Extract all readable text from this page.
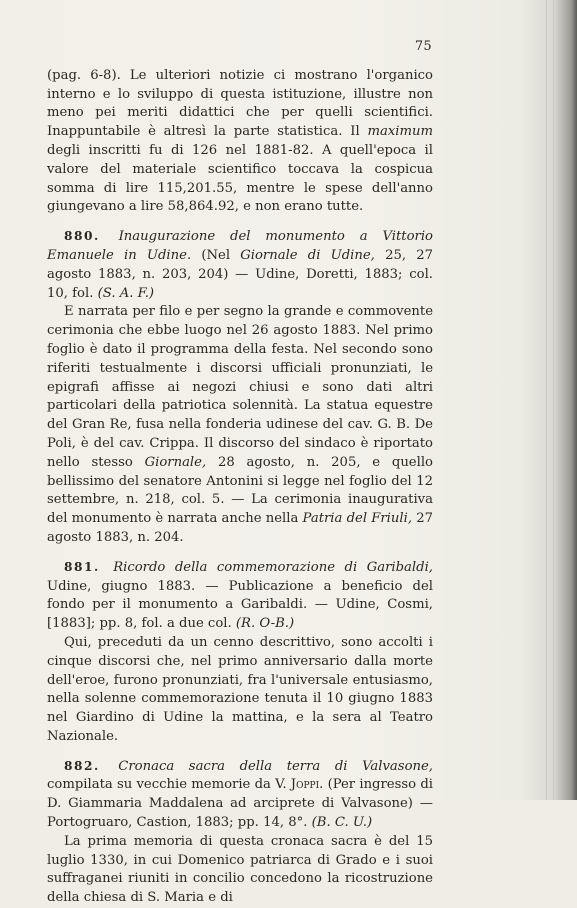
75

(pag. 6-8). Le ulteriori notizie ci mostrano l'organico interno e lo sviluppo di questa istituzione, illustre non meno pei meriti didattici che per quelli scientifici. Inappuntabile è altresì la parte statistica. Il maximum degli inscritti fu di 126 nel 1881-82. A quell'epoca il valore del materiale scientifico toccava la cospicua somma di lire 115,201.55, mentre le spese dell'anno giungevano a lire 58,864.92, e non erano tutte.

880. Inaugurazione del monumento a Vittorio Emanuele in Udine. (Nel Giornale di Udine, 25, 27 agosto 1883, n. 203, 204) — Udine, Doretti, 1883; col. 10, fol. (S. A. F.)

E narrata per filo e per segno la grande e commovente cerimonia che ebbe luogo nel 26 agosto 1883. Nel primo foglio è dato il programma della festa. Nel secondo sono riferiti testualmente i discorsi ufficiali pronunziati, le epigrafi affisse ai negozi chiusi e sono dati altri particolari della patriotica solennità. La statua equestre del Gran Re, fusa nella fonderia udinese del cav. G. B. De Poli, è del cav. Crippa. Il discorso del sindaco è riportato nello stesso Giornale, 28 agosto, n. 205, e quello bellissimo del senatore Antonini si legge nel foglio del 12 settembre, n. 218, col. 5. — La cerimonia inaugurativa del monumento è narrata anche nella Patria del Friuli, 27 agosto 1883, n. 204.

881. Ricordo della commemorazione di Garibaldi, Udine, giugno 1883. — Publicazione a beneficio del fondo per il monumento a Garibaldi. — Udine, Cosmi, [1883]; pp. 8, fol. a due col. (R. O-B.)

Qui, preceduti da un cenno descrittivo, sono accolti i cinque discorsi che, nel primo anniversario dalla morte dell'eroe, furono pronunziati, fra l'universale entusiasmo, nella solenne commemorazione tenuta il 10 giugno 1883 nel Giardino di Udine la mattina, e la sera al Teatro Nazionale.

882. Cronaca sacra della terra di Valvasone, compilata su vecchie memorie da V. Joppi. (Per ingresso di D. Giammaria Maddalena ad arciprete di Valvasone) — Portogruaro, Castion, 1883; pp. 14, 8°. (B. C. U.)

La prima memoria di questa cronaca sacra è del 15 luglio 1330, in cui Domenico patriarca di Grado e i suoi suffraganei riuniti in concilio concedono la ricostruzione della chiesa di S. Maria e di
